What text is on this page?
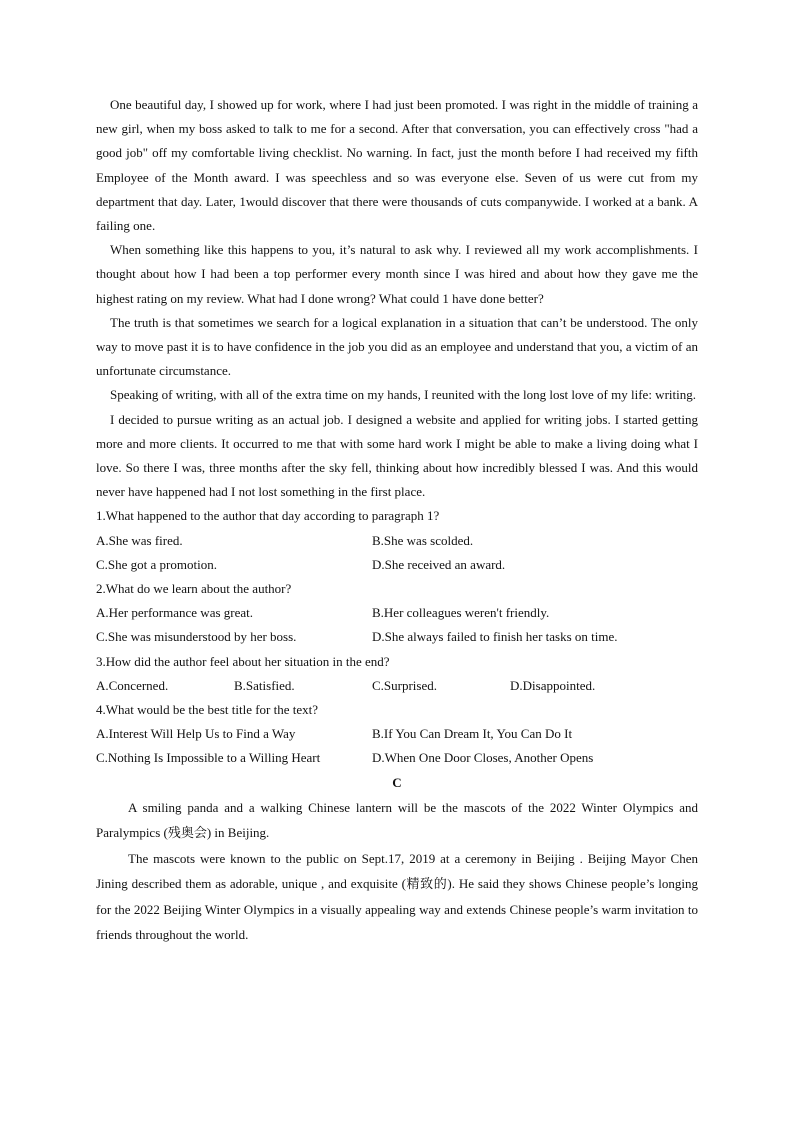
One beautiful day, I showed up for work, where I had just been promoted. I was right in the middle of training a new girl, when my boss asked to talk to me for a second. After that conversation, you can effectively cross "had a good job" off my comfortable living checklist. No warning. In fact, just the month before I had received my fifth Employee of the Month award. I was speechless and so was everyone else. Seven of us were cut from my department that day. Later, 1would discover that there were thousands of cuts companywide. I worked at a bank. A failing one.

When something like this happens to you, it’s natural to ask why. I reviewed all my work accomplishments. I thought about how I had been a top performer every month since I was hired and about how they gave me the highest rating on my review. What had I done wrong? What could 1 have done better?

The truth is that sometimes we search for a logical explanation in a situation that can’t be understood. The only way to move past it is to have confidence in the job you did as an employee and understand that you, a victim of an unfortunate circumstance.

Speaking of writing, with all of the extra time on my hands, I reunited with the long lost love of my life: writing.

I decided to pursue writing as an actual job. I designed a website and applied for writing jobs. I started getting more and more clients. It occurred to me that with some hard work I might be able to make a living doing what I love. So there I was, three months after the sky fell, thinking about how incredibly blessed I was. And this would never have happened had I not lost something in the first place.

1.What happened to the author that day according to paragraph 1?

A.She was fired.	B.She was scolded.
C.She got a promotion.	D.She received an award.

2.What do we learn about the author?

A.Her performance was great.	B.Her colleagues weren't friendly.
C.She was misunderstood by her boss.	D.She always failed to finish her tasks on time.

3.How did the author feel about her situation in the end?

A.Concerned.	B.Satisfied.	C.Surprised.	D.Disappointed.

4.What would be the best title for the text?

A.Interest Will Help Us to Find a Way	B.If You Can Dream It, You Can Do It
C.Nothing Is Impossible to a Willing Heart	D.When One Door Closes, Another Opens

C

A smiling panda and a walking Chinese lantern will be the mascots of the 2022 Winter Olympics and Paralympics (残奥会) in Beijing.

The mascots were known to the public on Sept.17, 2019 at a ceremony in Beijing . Beijing Mayor Chen Jining described them as adorable, unique , and exquisite (精致的). He said they shows Chinese people’s longing for the 2022 Beijing Winter Olympics in a visually appealing way and extends Chinese people’s warm invitation to friends throughout the world.
